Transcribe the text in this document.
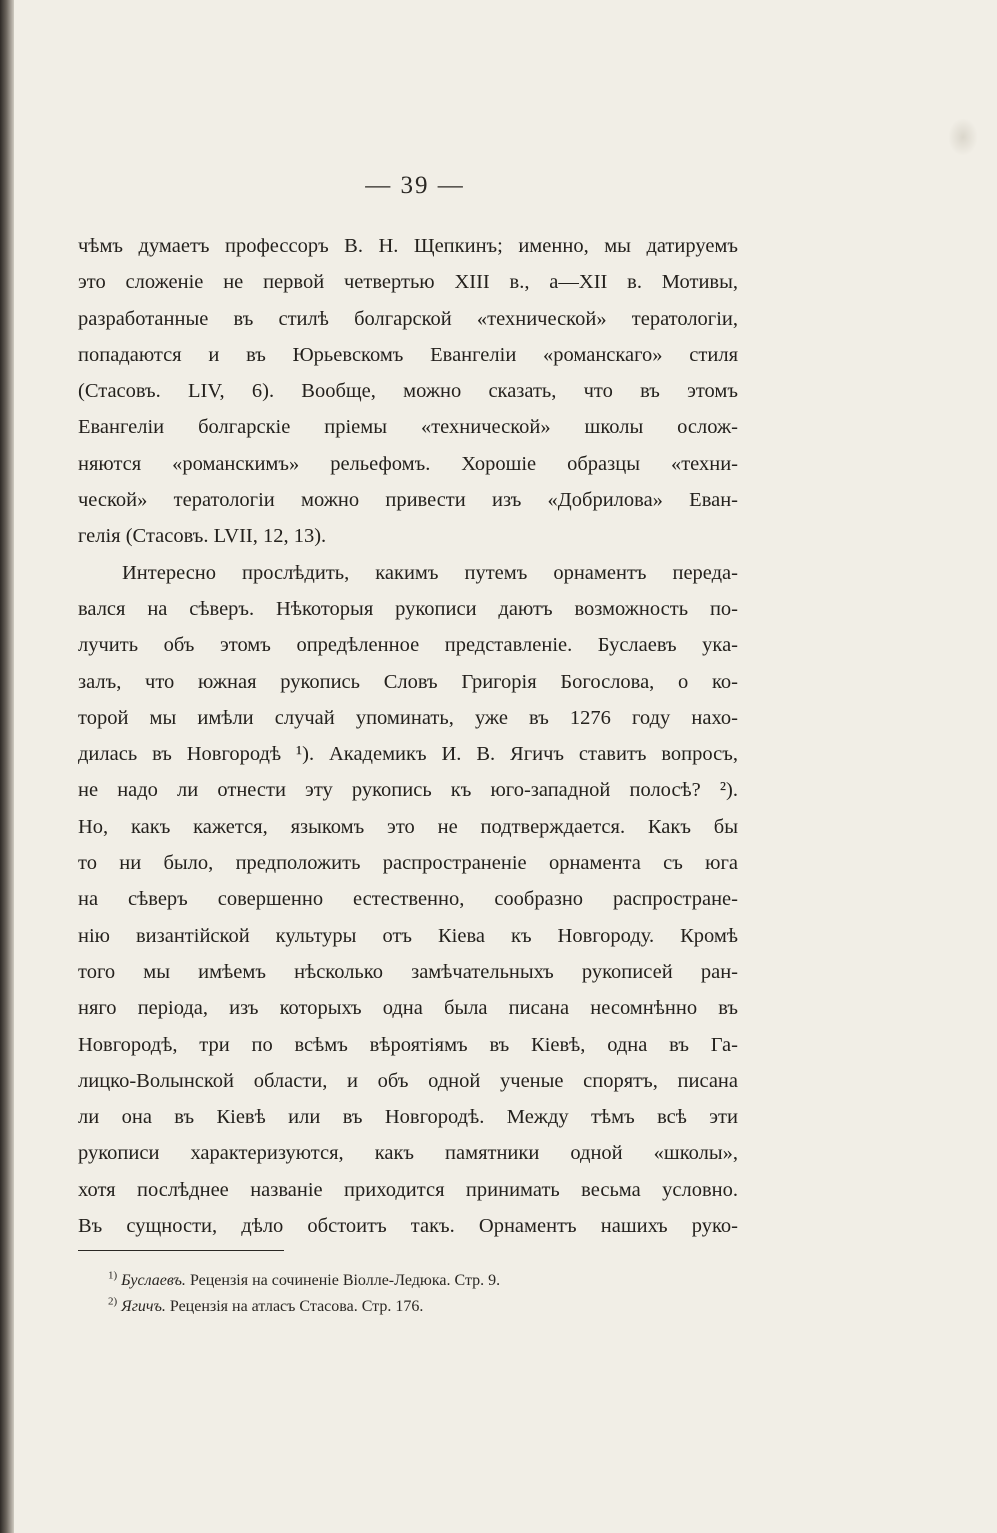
— 39 —
чѣмъ думаетъ профессоръ В. Н. Щепкинъ; именно, мы датируемъ
это сложеніе не первой четвертью XIII в., а—XII в. Мотивы,
разработанные въ стилѣ болгарской «технической» тератологіи,
попадаются и въ Юрьевскомъ Евангеліи «романскаго» стиля
(Стасовъ. LIV, 6). Вообще, можно сказать, что въ этомъ
Евангеліи болгарскіе пріемы «технической» школы ослож-
няются «романскимъ» рельефомъ. Хорошіе образцы «техни-
ческой» тератологіи можно привести изъ «Добрилова» Еван-
гелія (Стасовъ. LVII, 12, 13).
Интересно прослѣдить, какимъ путемъ орнаментъ переда-
вался на сѣверъ. Нѣкоторыя рукописи даютъ возможность по-
лучить объ этомъ опредѣленное представленіе. Буслаевъ ука-
залъ, что южная рукопись Словъ Григорія Богослова, о ко-
торой мы имѣли случай упоминать, уже въ 1276 году нахо-
дилась въ Новгородѣ ¹). Академикъ И. В. Ягичъ ставитъ вопросъ,
не надо ли отнести эту рукопись къ юго-западной полосѣ? ²).
Но, какъ кажется, языкомъ это не подтверждается. Какъ бы
то ни было, предположить распространеніе орнамента съ юга
на сѣверъ совершенно естественно, сообразно распростране-
нію византійской культуры отъ Кіева къ Новгороду. Кромѣ
того мы имѣемъ нѣсколько замѣчательныхъ рукописей ран-
няго періода, изъ которыхъ одна была писана несомнѣнно въ
Новгородѣ, три по всѣмъ вѣроятіямъ въ Кіевѣ, одна въ Га-
лицко-Волынской области, и объ одной ученые спорятъ, писана
ли она въ Кіевѣ или въ Новгородѣ. Между тѣмъ всѣ эти
рукописи характеризуются, какъ памятники одной «школы»,
хотя послѣднее названіе приходится принимать весьма условно.
Въ сущности, дѣло обстоитъ такъ. Орнаментъ нашихъ руко-
$^{1)}$ Буслаевъ. Рецензія на сочиненіе Віолле-Ледюка. Стр. 9.
$^{2)}$ Ягичъ. Рецензія на атласъ Стасова. Стр. 176.
